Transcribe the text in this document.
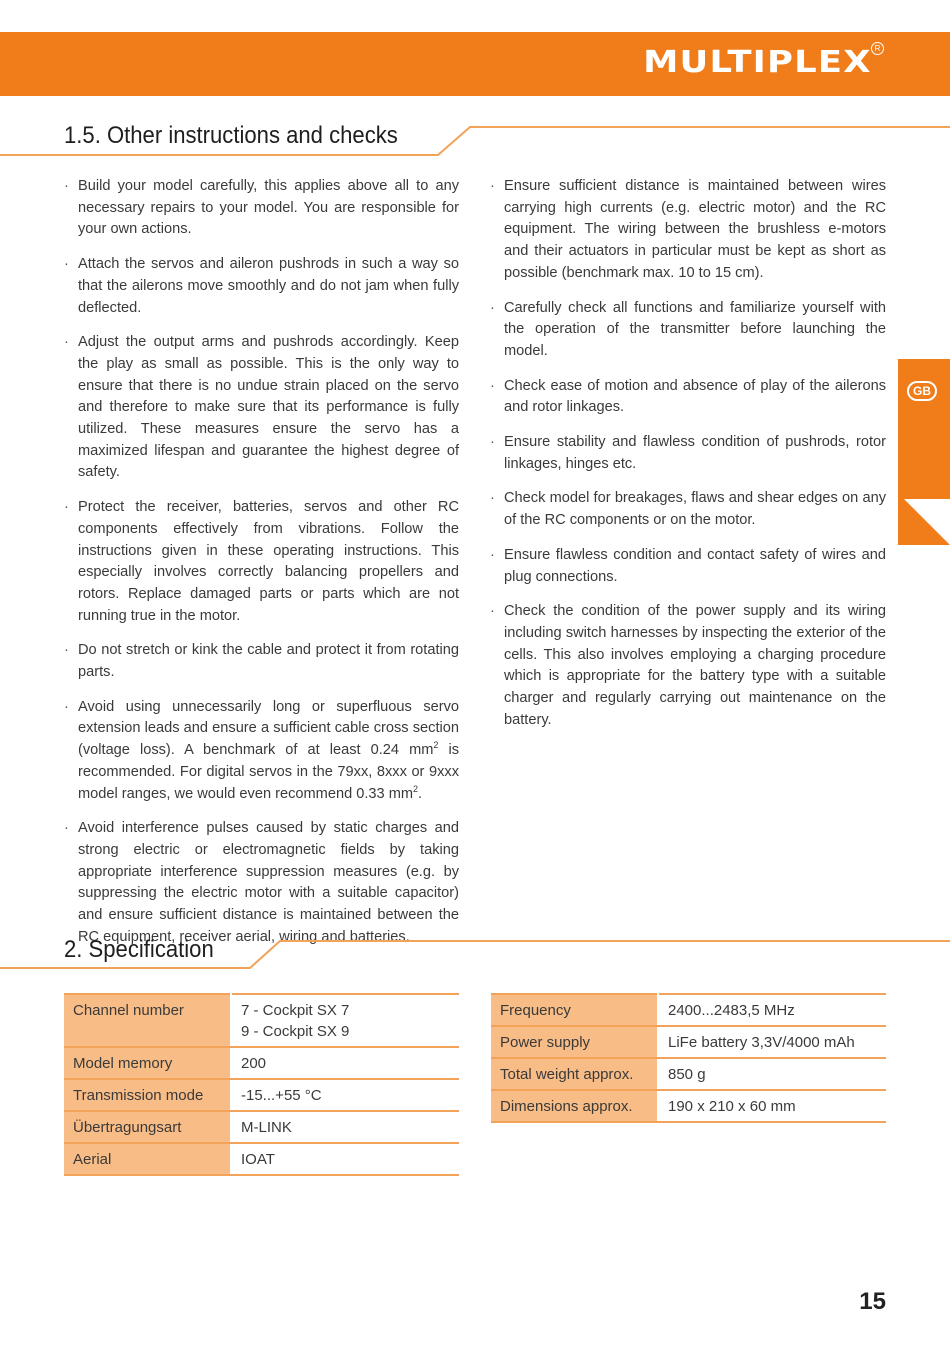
MULTIPLEX R
GB
1.5. Other instructions and checks
· Build your model carefully, this applies above all to any necessary repairs to your model. You are responsible for your own actions.
· Attach the servos and aileron pushrods in such a way so that the ailerons move smoothly and do not jam when fully deflected.
· Adjust the output arms and pushrods accordingly. Keep the play as small as possible. This is the only way to ensure that there is no undue strain placed on the servo and therefore to make sure that its performance is fully utilized. These measures ensure the servo has a maximized lifespan and guarantee the highest degree of safety.
· Protect the receiver, batteries, servos and other RC components effectively from vibrations. Follow the instructions given in these operating instructions. This especially involves correctly balancing propellers and rotors. Replace damaged parts or parts which are not running true in the motor.
· Do not stretch or kink the cable and protect it from rotating parts.
· Avoid using unnecessarily long or superfluous servo extension leads and ensure a sufficient cable cross section (voltage loss). A benchmark of at least 0.24 $mm^2$ is recommended. For digital servos in the 79xx, 8xxx or 9xxx model ranges, we would even recommend 0.33 $mm^2$.
· Avoid interference pulses caused by static charges and strong electric or electromagnetic fields by taking appropriate interference suppression measures (e.g. by suppressing the electric motor with a suitable capacitor) and ensure sufficient distance is maintained between the RC equipment, receiver aerial, wiring and batteries.
· Ensure sufficient distance is maintained between wires carrying high currents (e.g. electric motor) and the RC equipment. The wiring between the brushless e-motors and their actuators in particular must be kept as short as possible (benchmark max. 10 to 15 cm).
· Carefully check all functions and familiarize yourself with the operation of the transmitter before launching the model.
· Check ease of motion and absence of play of the ailerons and rotor linkages.
· Ensure stability and flawless condition of pushrods, rotor linkages, hinges etc.
· Check model for breakages, flaws and shear edges on any of the RC components or on the motor.
· Ensure flawless condition and contact safety of wires and plug connections.
· Check the condition of the power supply and its wiring including switch harnesses by inspecting the exterior of the cells. This also involves employing a charging procedure which is appropriate for the battery type with a suitable charger and regularly carrying out maintenance on the battery.
2. Specification
Channel number	7 - Cockpit SX 7
9 - Cockpit SX 9

Model memory	200
Transmission mode	-15...+55 °C
Übertragungsart	M-LINK
Aerial	IOAT
Frequency	2400...2483,5 MHz
Power supply	LiFe battery 3,3V/4000 mAh
Total weight approx.	850 g
Dimensions approx.	190 x 210 x 60 mm
15
